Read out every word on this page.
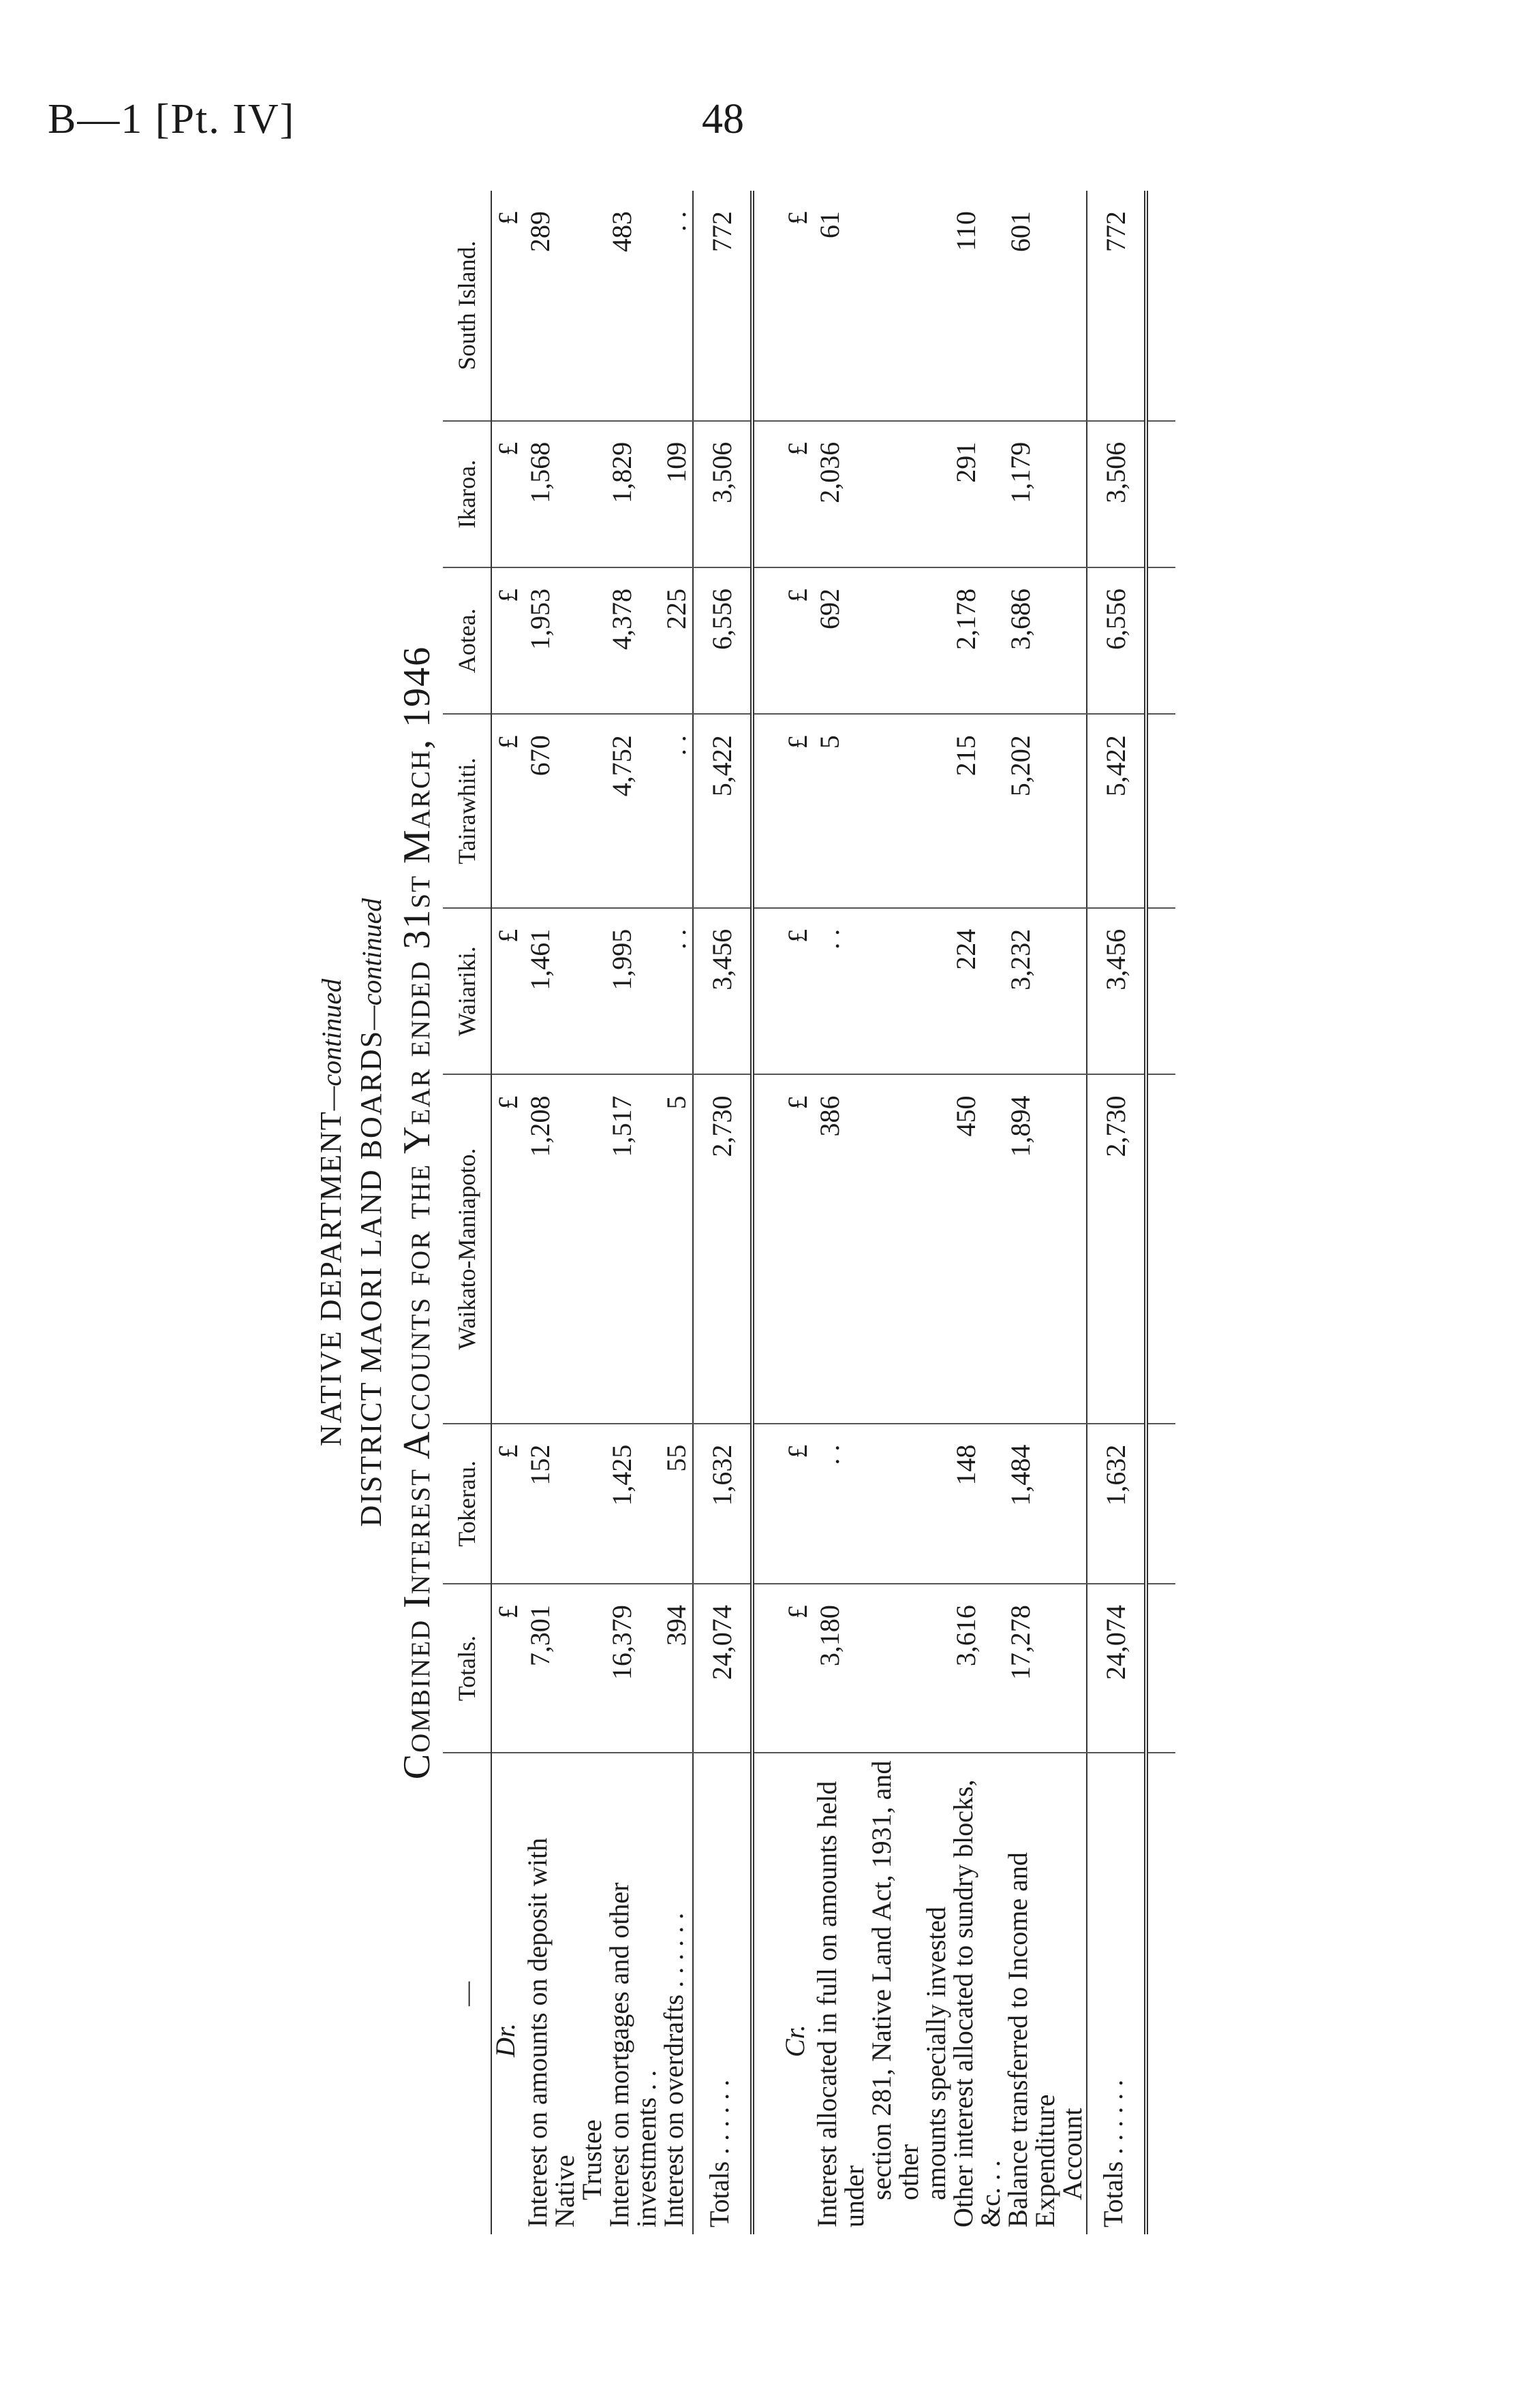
B—1 [Pt. IV]	48
NATIVE DEPARTMENT—continued DISTRICT MAORI LAND BOARDS—continued Combined Interest Accounts for the Year ended 31st March, 1946
—	Totals.	Tokerau.	Waikato-Maniapoto.	Waiariki.	Tairawhiti.	Aotea.	Ikaroa.	South Island.
Dr.	£	£	£	£	£	£	£	£

Interest on amounts on deposit with Native
Trustee	7,301	152	1,208	1,461	670	1,953	1,568	289

Interest on mortgages and other investments . .	16,379	1,425	1,517	1,995	4,752	4,378	1,829	483

Interest on overdrafts . . . . . .	394	55	5	. .	. .	225	109	. .
Totals . . . . . .	24,074	1,632	2,730	3,456	5,422	6,556	3,506	772

Cr.	£	£	£	£	£	£	£	£

Interest allocated in full on amounts held under
section 281, Native Land Act, 1931, and other
amounts specially invested	3,180	. .	386	. .	5	692	2,036	61

Other interest allocated to sundry blocks, &c. . .	3,616	148	450	224	215	2,178	291	110

Balance transferred to Income and Expenditure
Account	17,278	1,484	1,894	3,232	5,202	3,686	1,179	601
Totals . . . . . .	24,074	1,632	2,730	3,456	5,422	6,556	3,506	772
